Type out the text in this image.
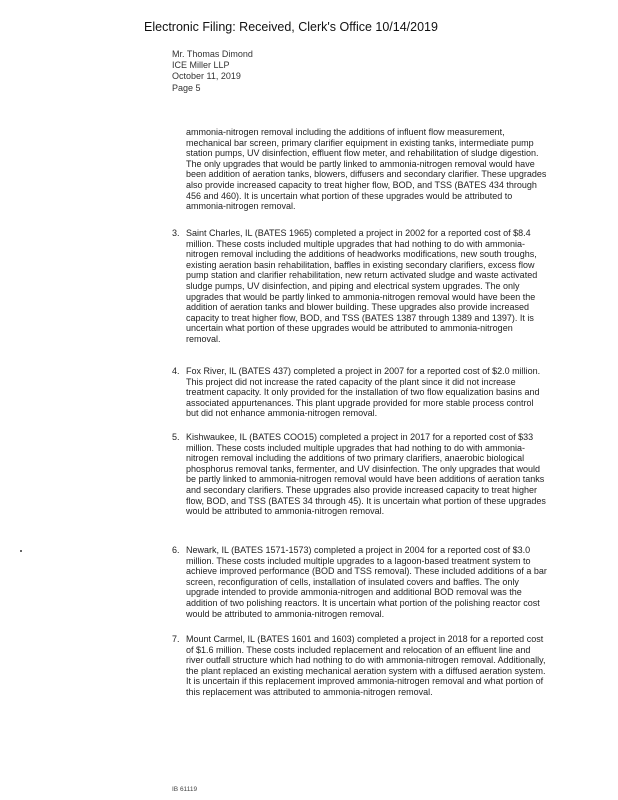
Electronic Filing: Received, Clerk's Office 10/14/2019
Mr. Thomas Dimond
ICE Miller LLP
October 11, 2019
Page 5
ammonia-nitrogen removal including the additions of influent flow measurement, mechanical bar screen, primary clarifier equipment in existing tanks, intermediate pump station pumps, UV disinfection, effluent flow meter, and rehabilitation of sludge digestion. The only upgrades that would be partly linked to ammonia-nitrogen removal would have been addition of aeration tanks, blowers, diffusers and secondary clarifier. These upgrades also provide increased capacity to treat higher flow, BOD, and TSS (BATES 434 through 456 and 460). It is uncertain what portion of these upgrades would be attributed to ammonia-nitrogen removal.
3. Saint Charles, IL (BATES 1965) completed a project in 2002 for a reported cost of $8.4 million. These costs included multiple upgrades that had nothing to do with ammonia-nitrogen removal including the additions of headworks modifications, new south troughs, existing aeration basin rehabilitation, baffles in existing secondary clarifiers, excess flow pump station and clarifier rehabilitation, new return activated sludge and waste activated sludge pumps, UV disinfection, and piping and electrical system upgrades. The only upgrades that would be partly linked to ammonia-nitrogen removal would have been the addition of aeration tanks and blower building. These upgrades also provide increased capacity to treat higher flow, BOD, and TSS (BATES 1387 through 1389 and 1397). It is uncertain what portion of these upgrades would be attributed to ammonia-nitrogen removal.
4. Fox River, IL (BATES 437) completed a project in 2007 for a reported cost of $2.0 million. This project did not increase the rated capacity of the plant since it did not increase treatment capacity. It only provided for the installation of two flow equalization basins and associated appurtenances. This plant upgrade provided for more stable process control but did not enhance ammonia-nitrogen removal.
5. Kishwaukee, IL (BATES COO15) completed a project in 2017 for a reported cost of $33 million. These costs included multiple upgrades that had nothing to do with ammonia-nitrogen removal including the additions of two primary clarifiers, anaerobic biological phosphorus removal tanks, fermenter, and UV disinfection. The only upgrades that would be partly linked to ammonia-nitrogen removal would have been additions of aeration tanks and secondary clarifiers. These upgrades also provide increased capacity to treat higher flow, BOD, and TSS (BATES 34 through 45). It is uncertain what portion of these upgrades would be attributed to ammonia-nitrogen removal.
6. Newark, IL (BATES 1571-1573) completed a project in 2004 for a reported cost of $3.0 million. These costs included multiple upgrades to a lagoon-based treatment system to achieve improved performance (BOD and TSS removal). These included additions of a bar screen, reconfiguration of cells, installation of insulated covers and baffles. The only upgrade intended to provide ammonia-nitrogen and additional BOD removal was the addition of two polishing reactors. It is uncertain what portion of the polishing reactor cost would be attributed to ammonia-nitrogen removal.
7. Mount Carmel, IL (BATES 1601 and 1603) completed a project in 2018 for a reported cost of $1.6 million. These costs included replacement and relocation of an effluent line and river outfall structure which had nothing to do with ammonia-nitrogen removal. Additionally, the plant replaced an existing mechanical aeration system with a diffused aeration system. It is uncertain if this replacement improved ammonia-nitrogen removal and what portion of this replacement was attributed to ammonia-nitrogen removal.
IB 61119
